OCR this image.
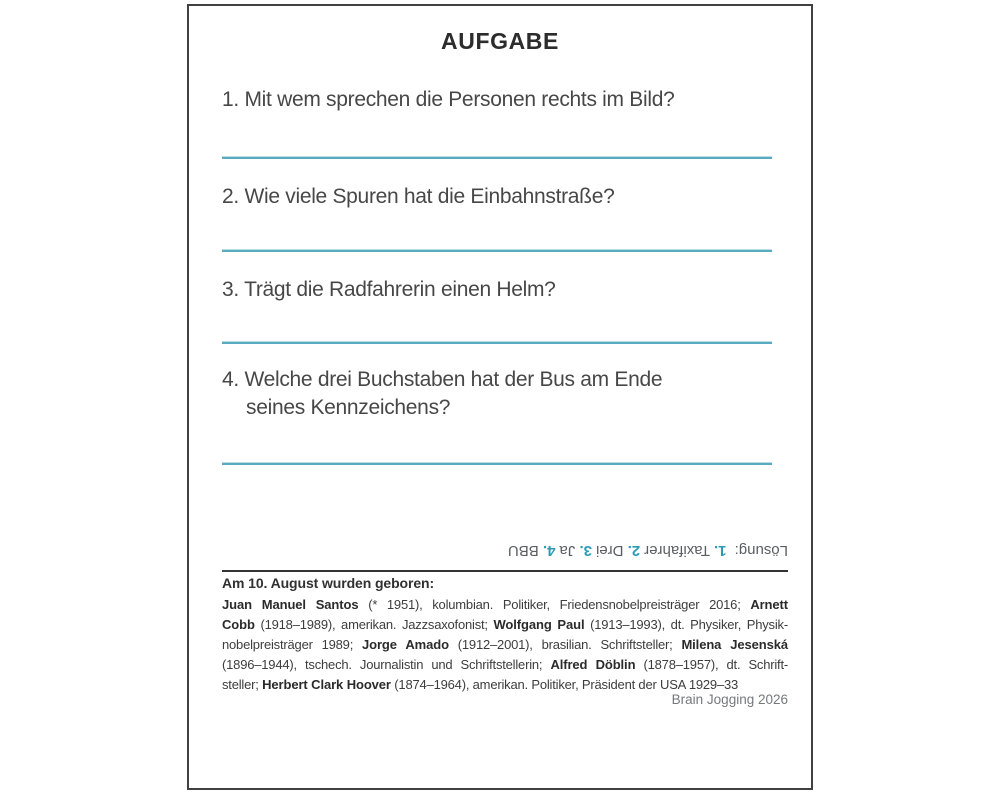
AUFGABE
1. Mit wem sprechen die Personen rechts im Bild?
2. Wie viele Spuren hat die Einbahnstraße?
3. Trägt die Radfahrerin einen Helm?
4. Welche drei Buchstaben hat der Bus am Ende
seines Kennzeichens?
Lösung: 1. Taxifahrer2. Drei3. Ja4. BBU
Am 10. August wurden geboren:
Juan Manuel Santos (* 1951), kolumbian. Politiker, Friedensnobelpreisträger 2016; Arnett
Cobb (1918–1989), amerikan. Jazzsaxofonist; Wolfgang Paul (1913–1993), dt. Physiker, Physik-
nobelpreisträger 1989; Jorge Amado (1912–2001), brasilian. Schriftsteller; Milena Jesenská
(1896–1944), tschech. Journalistin und Schriftstellerin; Alfred Döblin (1878–1957), dt. Schrift-
steller; Herbert Clark Hoover (1874–1964), amerikan. Politiker, Präsident der USA 1929–33
Brain Jogging 2026
